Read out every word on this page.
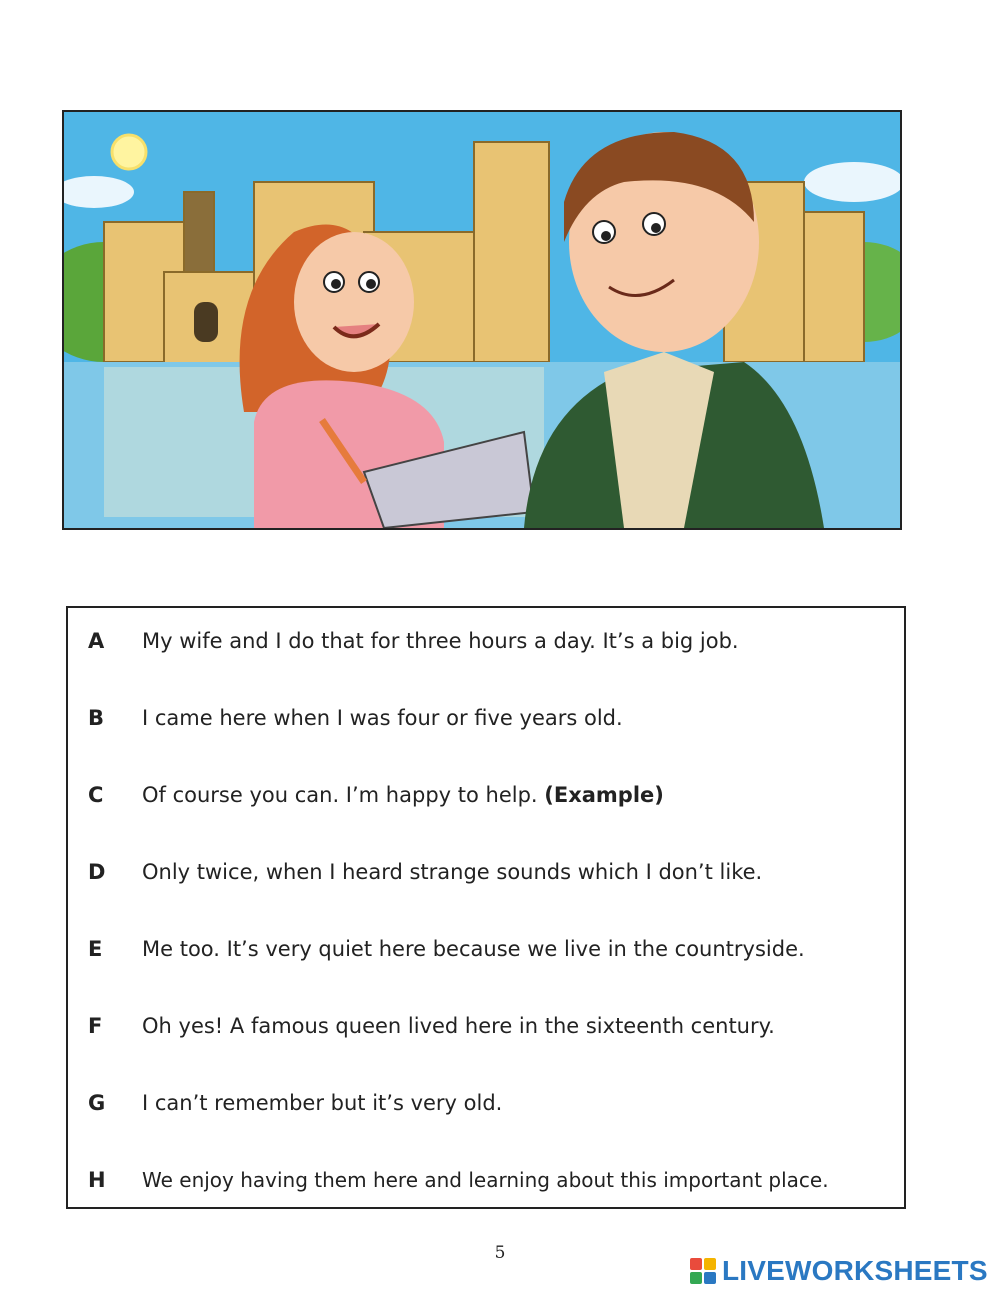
A	My wife and I do that for three hours a day. It’s a big job.
B	I came here when I was four or five years old.
C	Of course you can. I’m happy to help. (Example)
D	Only twice, when I heard strange sounds which I don’t like.
E	Me too. It’s very quiet here because we live in the countryside.
F	Oh yes! A famous queen lived here in the sixteenth century.
G	I can’t remember but it’s very old.
H	We enjoy having them here and learning about this important place.
5
LIVEWORKSHEETS
